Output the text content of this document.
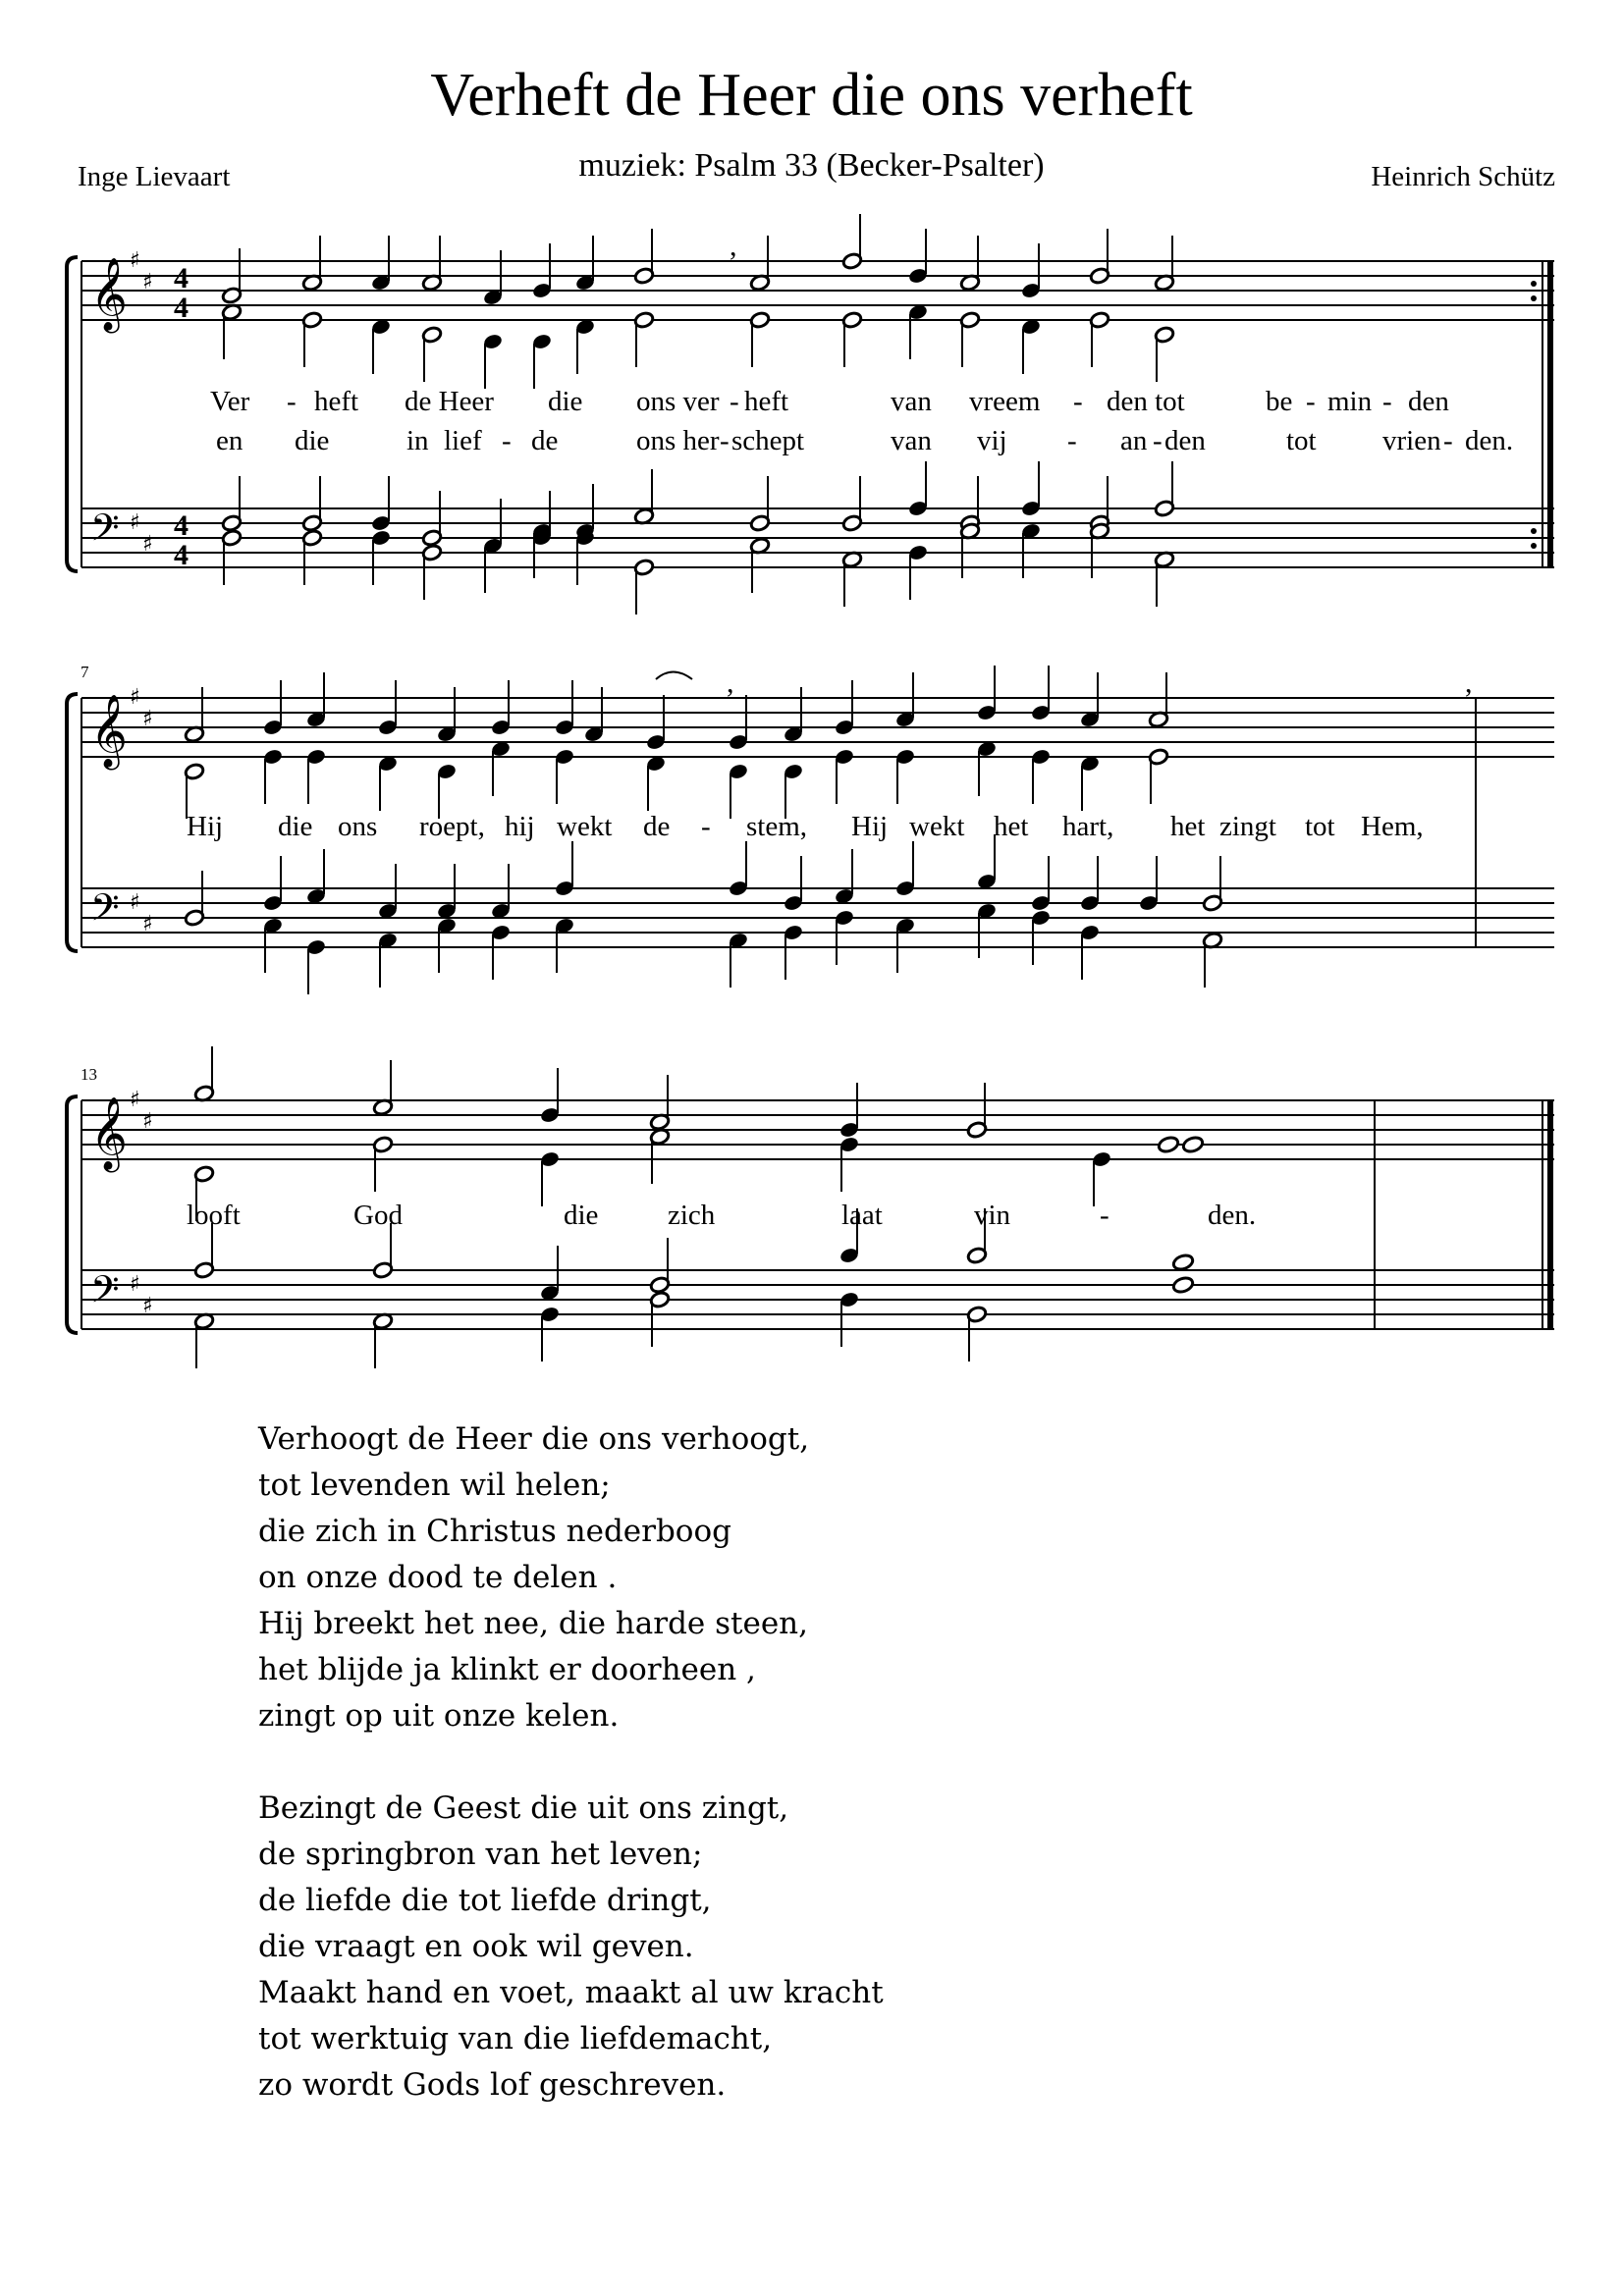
Verheft de Heer die ons verheft
muziek: Psalm 33 (Becker-Psalter)
Inge Lievaart	Heinrich Schütz
𝄞
𝄢
♯
♯
♯
♯
4
4
4
4
,
Ver - heft de Heer die ons ver - heft	van vreem - den tot	be - min - den
en die	in lief - de	ons her - schept	van vij - an - den	tot vrien - den.
7
𝄞
𝄢
♯
♯
♯
♯
,	,
Hij die ons roept, hij wekt de - stem, Hij wekt het hart, het zingt tot Hem,
13
𝄞
𝄢
♯
♯
♯
♯
looft	God	die zich	laat	vin	-	den.
Verhoogt de Heer die ons verhoogt,
tot levenden wil helen;
die zich in Christus nederboog
on onze dood te delen .
Hij breekt het nee, die harde steen,
het blijde ja klinkt er doorheen ,
zingt op uit onze kelen.
Bezingt de Geest die uit ons zingt,
de springbron van het leven;
de liefde die tot liefde dringt,
die vraagt en ook wil geven.
Maakt hand en voet, maakt al uw kracht
tot werktuig van die liefdemacht,
zo wordt Gods lof geschreven.
